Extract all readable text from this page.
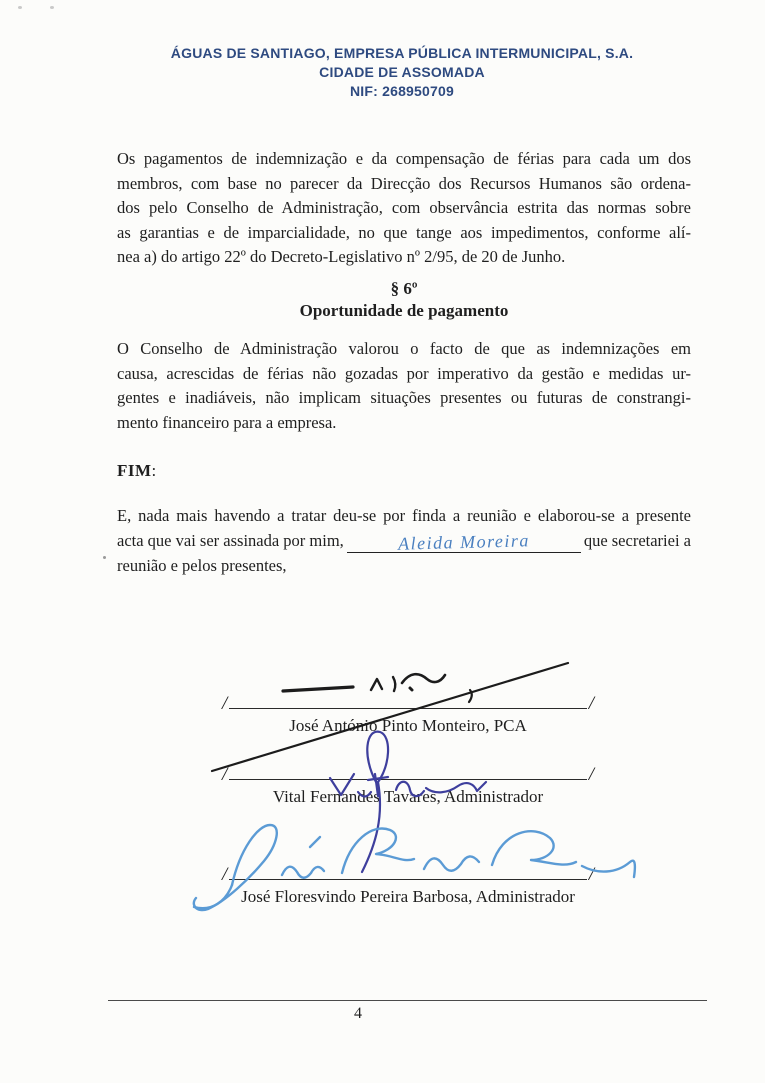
ÁGUAS DE SANTIAGO, EMPRESA PÚBLICA INTERMUNICIPAL, S.A.
CIDADE DE ASSOMADA
NIF: 268950709
Os pagamentos de indemnização e da compensação de férias para cada um dos
membros, com base no parecer da Direcção dos Recursos Humanos são ordena-
dos pelo Conselho de Administração, com observância estrita das normas sobre
as garantias e de imparcialidade, no que tange aos impedimentos, conforme alí-
nea a) do artigo 22º do Decreto-Legislativo nº 2/95, de 20 de Junho.
§ 6º
Oportunidade de pagamento
O Conselho de Administração valorou o facto de que as indemnizações em
causa, acrescidas de férias não gozadas por imperativo da gestão e medidas ur-
gentes e inadiáveis, não implicam situações presentes ou futuras de constrangi-
mento financeiro para a empresa.
FIM:
E, nada mais havendo a tratar deu-se por finda a reunião e elaborou-se a presente
acta que vai ser assinada por mim,	Aleida Moreira	que secretariei a
reunião e pelos presentes,
/	/
José António Pinto Monteiro, PCA
/	/
Vital Fernandes Tavares, Administrador
/	/
José Floresvindo Pereira Barbosa, Administrador
4
